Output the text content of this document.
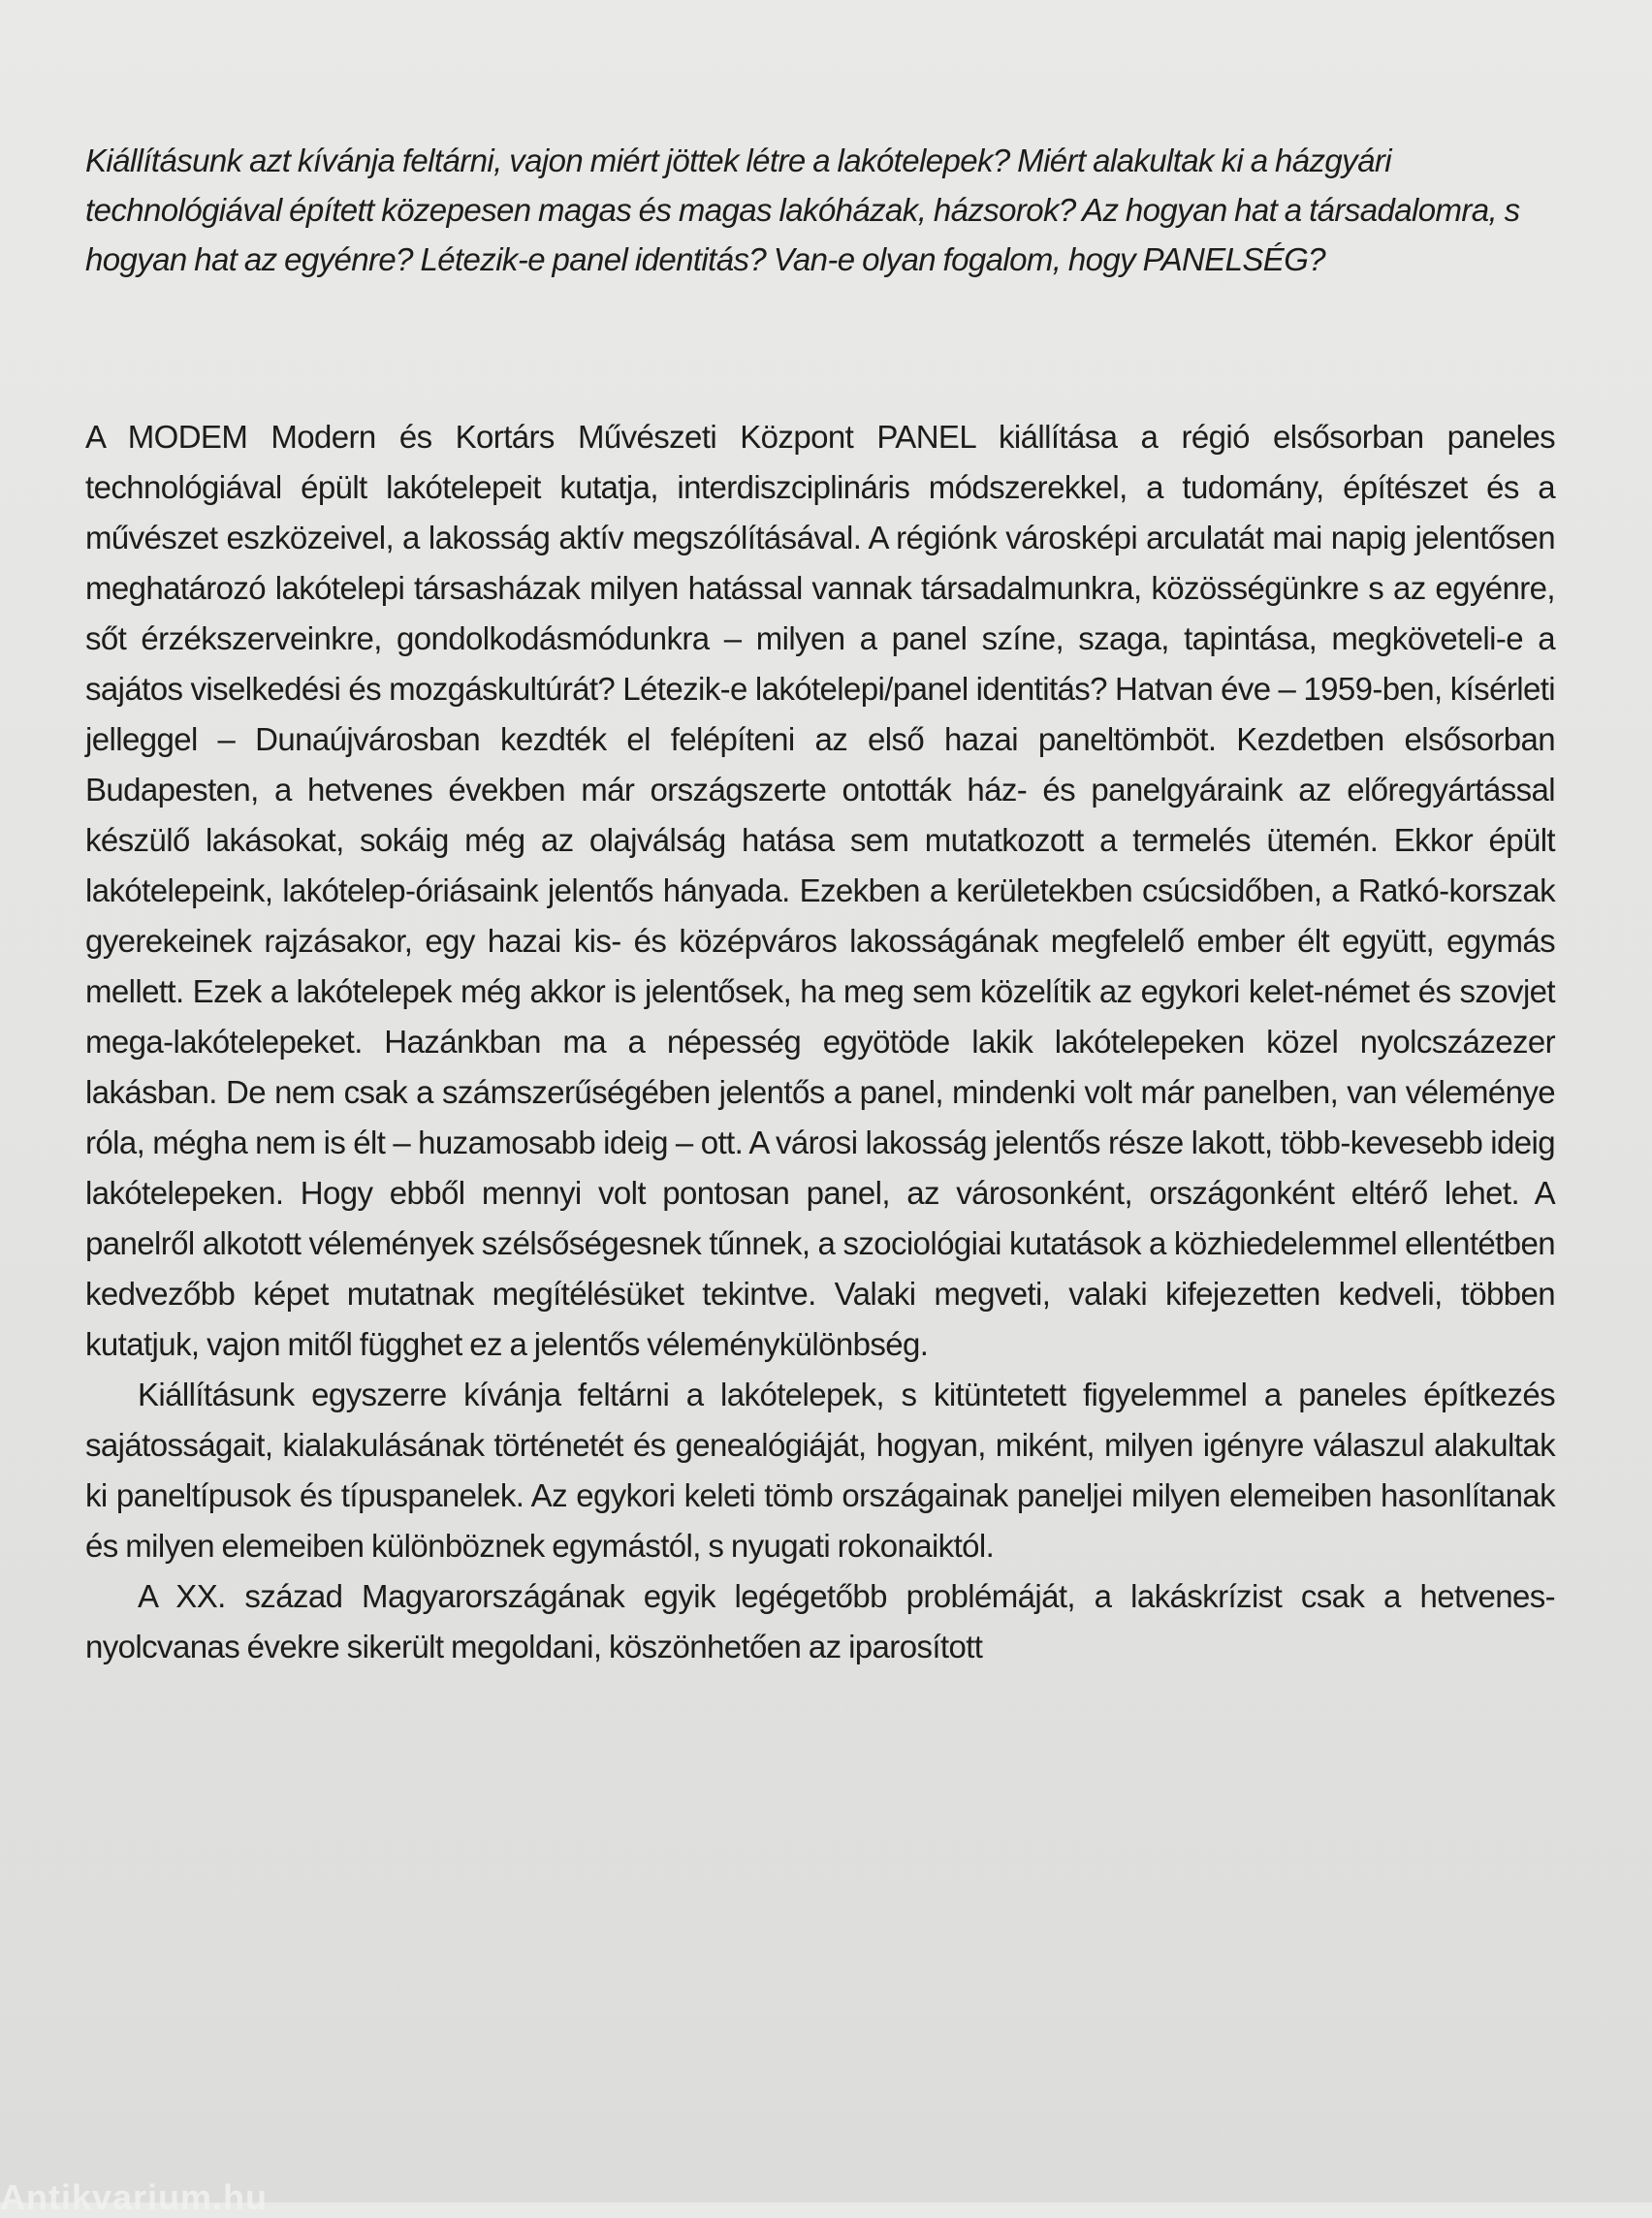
Kiállításunk azt kívánja feltárni, vajon miért jöttek létre a lakótelepek? Miért alakultak ki a házgyári technológiával épített közepesen magas és magas lakóházak, házsorok? Az hogyan hat a társadalomra, s hogyan hat az egyénre? Létezik-e panel identitás? Van-e olyan fogalom, hogy PANELSÉG?

A MODEM Modern és Kortárs Művészeti Központ PANEL kiállítása a régió elsősorban paneles technológiával épült lakótelepeit kutatja, interdiszciplináris módszerekkel, a tudomány, építészet és a művészet eszközeivel, a lakosság aktív megszólításával. A régiónk városképi arculatát mai napig jelentősen meghatározó lakótelepi társasházak milyen hatással vannak társadalmunkra, közösségünkre s az egyénre, sőt érzékszerveinkre, gondolkodásmódunkra – milyen a panel színe, szaga, tapintása, megköveteli-e a sajátos viselkedési és mozgáskultúrát? Létezik-e lakótelepi/panel identitás? Hatvan éve – 1959-ben, kísérleti jelleggel – Dunaújvárosban kezdték el felépíteni az első hazai paneltömböt. Kezdetben elsősorban Budapesten, a hetvenes években már országszerte ontották ház- és panelgyáraink az előregyártással készülő lakásokat, sokáig még az olajválság hatása sem mutatkozott a termelés ütemén. Ekkor épült lakótelepeink, lakótelep-óriásaink jelentős hányada. Ezekben a kerületekben csúcsidőben, a Ratkó-korszak gyerekeinek rajzásakor, egy hazai kis- és középváros lakosságának megfelelő ember élt együtt, egymás mellett. Ezek a lakótelepek még akkor is jelentősek, ha meg sem közelítik az egykori kelet-német és szovjet mega-lakótelepeket. Hazánkban ma a népesség egyötöde lakik lakótelepeken közel nyolcszázezer lakásban. De nem csak a számszerűségében jelentős a panel, mindenki volt már panelben, van véleménye róla, mégha nem is élt – huzamosabb ideig – ott. A városi lakosság jelentős része lakott, több-kevesebb ideig lakótelepeken. Hogy ebből mennyi volt pontosan panel, az városonként, országonként eltérő lehet. A panelről alkotott vélemények szélsőségesnek tűnnek, a szociológiai kutatások a közhiedelemmel ellentétben kedvezőbb képet mutatnak megítélésüket tekintve. Valaki megveti, valaki kifejezetten kedveli, többen kutatjuk, vajon mitől függhet ez a jelentős véleménykülönbség.

Kiállításunk egyszerre kívánja feltárni a lakótelepek, s kitüntetett figyelemmel a paneles építkezés sajátosságait, kialakulásának történetét és genealógiáját, hogyan, miként, milyen igényre válaszul alakultak ki paneltípusok és típuspanelek. Az egykori keleti tömb országainak paneljei milyen elemeiben hasonlítanak és milyen elemeiben különböznek egymástól, s nyugati rokonaiktól.

A XX. század Magyarországának egyik legégetőbb problémáját, a lakáskrízist csak a hetvenes-nyolcvanas évekre sikerült megoldani, köszönhetően az iparosított

Antikvarium.hu
